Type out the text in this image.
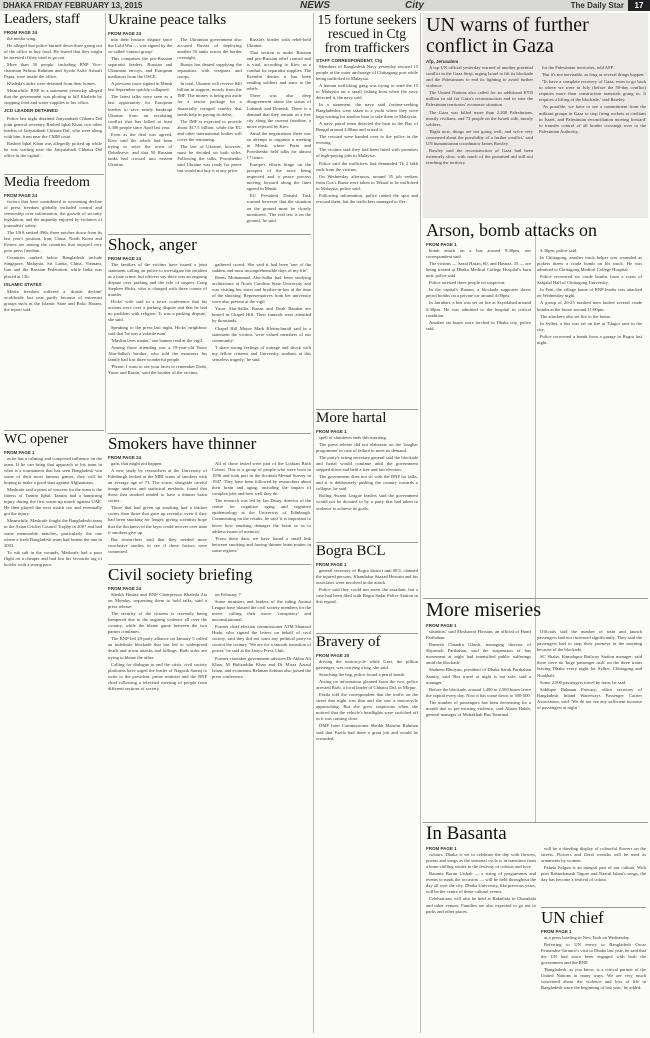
DHAKA FRIDAY FEBRUARY 13, 2015	NEWS	City	The Daily Star	17
Leaders, staff
FROM PAGE 24

the media wing.

He alleged that police burned down three going out of the office to buy food. He feared that they might be arrested if they tried to go out.

More than 50 people, including BNP Vice-chairman Selima Rahman and Syeda Asifa Ashrafi Papia, were inside the office.

Khaleda's aides were detained from their homes.

Meanwhile, BNP in a statement yesterday alleged that the government was plotting to kill Khaleda by stopping food and water supplies to her office.

JCD LEADER DETAINED

Police last night detained Jatiyatabadi Chhatra Dal joint general secretary Rashed Iqbal Khan, two other leaders of Jatiyatabadi Chhatra Dal, who were along with him, from near the CMM court.

Rashed Iqbal Khan was allegedly picked up while he was waiting near the Jatiyatabadi Chhatra Dal office in the capital.

Media freedom
FROM PAGE 24

factors that have contributed to worsening decline of press freedom globally included control and censorship over information, the growth of security legislation, and the impunity enjoyed by violators of journalists' safety.

The USA ranked 49th, three notches down from its last year's position, Iran, China, North Korea and Eritrea are among the countries that enjoyed very poor press freedom.

Countries ranked below Bangladesh include Singapore, Malaysia, Sri Lanka, China, Vietnam, Iran and the Russian Federation, while India was placed at 136.

ISLAMIC STATES

Media freedom suffered a 'drastic decline' worldwide last year partly because of extremist groups such as the Islamic State and Boko Haram, the report said.

WC opener
FROM PAGE 1

as he has a calming and composed influence on the team. If he can bring that approach to his team in what is a tournament that has seen Bangladesh win some of their most famous games, they will be hoping to make a good start against Afghanistan.

Mashrafe said a point of concern for the team is the fitness of Tamim Iqbal. Tamim had a hamstring injury during the first warm-up match against UAE. He then played the next match too and eventually got the injury.

Meanwhile, Mashrafe fought the Bangladeshi team in the Asian Cricket Council Trophy in 2007 and had some memorable matches, particularly the one where a fresh Bangladesh team had beaten the one in 2003.

To rub salt in the wounds, Mashrafe had a poor flight on a cheaper and had lost his favourite tag of bowler with a strong pace.

Ukraine peace talks
FROM PAGE 24

into their historic dispute since the Cold War — was signed by the so-called 'contact group'.

This comprises the pro-Russian separatist leaders, Russian and Ukrainian envoys, and European mediators from the OSCE.

A previous truce signed in Minsk last September quickly collapsed.

The latest talks were seen as a last opportunity for European leaders to save nearly bankrupt Ukraine from an escalating conflict that has killed at least 5,300 people since April last year.

Even as the deal was agreed, Kiev said the rebels had been trying to seize the town of Debaltseve, and that 50 Russian tanks had crossed into eastern Ukraine.

The Ukrainian government also accused Russia of deploying another 50 tanks across the border overnight.

Russia has denied supplying the separatists with weapons and troops.

In total, Ukraine will receive $40 billion in support, mostly from the IMF. The money is being put aside for a rescue package for a financially ravaged country that needs help in paying its debts.

The IMF is expected to provide about $17.5 billion, while the EU and other international bodies will cover the remaining.

The law of Ukraine, however, must be decided on both sides. Following the talks, Poroshenko said Ukraine was ready for peace but would not buy it at any price.

Russia's border with rebel-held Ukraine.

That section is under Russian and pro-Russian rebel control and is vital, according to Kiev, as a conduit for separatist supplies. The Kremlin denies it has been sending soldiers and arms to the rebels.

There was also deep disagreement about the status of Luhansk and Donetsk. There is a demand that they remain as a free city along the current frontline, a move rejected by Kiev.

Amid the negotiations there was an attempt to organise a meeting in Minsk, where Putin and Poroshenko held talks for almost 17 hours.

Europe's efforts hinge on the prospect of the truce being respected and a peace process moving forward along the lines agreed in Minsk.

EU President Donald Tusk warned however that the situation on the ground must be closely monitored. 'The real test is on the ground,' he said.

Shock, anger
FROM PAGE 24

The families of the victims have issued a joint statement calling on police to investigate the incident as a hate crime, but officers say there was an ongoing dispute over parking and the role of suspect Craig Stephen Hicks, who is charged with three counts of murder.

Hicks' wife said in a news conference that his actions were over a parking dispute and that he had no problem with religion. 'It was a parking dispute,' she said.

Speaking to the press last night, Hicks' neighbour said that 'he was a volatile man'.

'Muslim lives matter,' one banner read at the vigil.

Among those attending was a 19-year-old Yusor Abu-Salha's brother, who told the mourners his family had lost three wonderful people.

'Please, I want to see your faces to remember Deah, Yusor and Razan,' said the brother of the victims.

gathered crowd. She said it had been 'one of the saddest and most incomprehensible days of my life'.

Reem Mohammad Abu-Salha had been studying architecture at North Carolina State University and was visiting her sister and brother-in-law at the time of the shooting. Representatives from her university were also present at the vigil.

Yusor Abu-Salha, Razan and Deah Barakat are buried in Chapel Hill. Their funerals were attended by thousands.

Chapel Hill Mayor Mark Kleinschmidt said in a statement the victims 'were valued members of our community'.

'I share strong feelings of outrage and shock with my fellow citizens and University students at this senseless tragedy,' he said.

Smokers have thinner
FROM PAGE 24

gain, that might not happen.

A new study by researchers at the University of Edinburgh looked at the MRI scans of smokers with an average age of 73. The scans, alongside careful image analysis and statistical methods, found that those that smoked tended to have a thinner brain cortex.

Those that had given up smoking had a thicker cortex than those that gave up recently, even if they had been smoking for longer, giving scientists hope that the thickness of the layer could recover over time if smokers give up.

But researchers said that they needed more conclusive studies to see if these factors were connected.

All of those tested were part of the Lothian Birth Cohort. This is a group of people who were born in 1936 and took part in the Scottish Mental Survey in 1947. They have been followed by researchers about their brain and aging, including the impact of complex jobs and how well they do.

The research was led by Ian Deary, director of the centre for cognitive aging and cognitive epidemiology at the University of Edinburgh. Commenting on the results, he said 'it is important to know how smoking damages the brain so as to address issues of memory'.

'From these data, we have found a small link between smoking and having thinner brain matter in some regions.'

Civil society briefing
FROM PAGE 24

Sheikh Hasina and BNP Chairperson Khaleda Zia on Monday, requesting them to hold talks, said a press release.

The security of the citizens is currently being hampered due to the ongoing violence all over the country, while the blame game between the two parties continues.

The BNP-led 20-party alliance on January 5 called an indefinite blockade that has led to widespread death and arson attacks and killings. Both sides are trying to blame the other.

Calling for dialogue to end the crisis, civil society platforms have urged the leader of Nagorik Samaj to write to the president, prime minister and the BNP chief following a televised meeting of people from different sections of society.

on February 7.

Some ministers and leaders of the ruling Awami League have blasted the civil society members for the move, calling their move 'conspiracy' and unconstitutional.

Former chief election commissioner ATM Shamsul Huda, who signed the letters on behalf of civil society, said they did not want any political party to control the country. 'We are for a smooth transition of power,' he said at the Jatiyo Press Club.

Former caretaker government advisers Dr Akbar Ali Khan, M Hafizuddin Khan and Dr Mirza Azizul Islam, and economist Rehman Sobhan also joined the press conference.

15 fortune seekers rescued in Ctg from traffickers
STAFF CORRESPONDENT, Ctg

Members of Bangladesh Navy yesterday rescued 15 people at the outer anchorage of Chittagong port while being trafficked to Malaysia.

A human trafficking gang was trying to send the 15 to Malaysia on a small fishing boat when the navy detected it, the navy said.

In a statement, the navy said fortune-seeking Bangladeshis were taken to a yacht where they were kept waiting for another boat to take them to Malaysia.

A navy patrol team detected the boat in the Bay of Bengal around 2:00am and seized it.

The rescued were handed over to the police in the evening.

The victims said they had been lured with promises of high-paying jobs in Malaysia.

Police said the traffickers had demanded Tk 2 lakh each from the victims.

On Wednesday afternoon, around 35 job seekers from Cox's Bazar were taken to Teknaf to be trafficked to Malaysia, police said.

Following information, police raided the spot and rescued them, but the traffickers managed to flee.

More hartal
FROM PAGE 1

spell of shutdown ends this morning.

The press release did not elaborate on the 'tougher programme' in case of failure to meet its demand.

The party's acting secretary general said the blockade and hartal would continue until the government stepped down and held a free and fair election.

The government does not sit with the BNP for talks, and it is deliberately pushing the country towards a collapse, he said.

Ruling Awami League leaders said the government would not be dictated to by a party that had taken to violence to achieve its goals.

Bogra BCL
FROM PAGE 1

general secretary of Bogra district unit BCL claimed the injured persons, Khandakar Sazzad Hossain and his associates were involved in the attack.

Police said they could not arrest the assailant, but a case had been filed with Bogra Sadar Police Station in this regard.

Bravery of
FROM PAGE 20

driving the motorcycle while Gazi, the pillion passenger, was carrying a bag, she said.

Searching the bag, police found a petrol bomb.

Acting on information gleaned from the two, police arrested Bizli, a local leader of Chhatra Dal, in Mirpur.

Fazila told the correspondent that the traffic on the street that night was thin and she saw a motorcycle approaching. But she grew suspicious when she noticed that the vehicle's headlights were switched off as it was coming close.

DMP Joint Commissioner Sheikh Marufur Rahman said that Fazila had done a great job and would be rewarded.

UN warns of further conflict in Gaza
Afp, Jerusalem

A top UN official yesterday warned of another potential conflict in the Gaza Strip, urging Israel to lift its blockade and the Palestinians to end its fighting to avoid further violence.

The United Nations also called for an additional $705 million in aid for Gaza's reconstruction and to ease the Palestinian territories' economic situation.

The Gaza war killed more than 2,200 Palestinians, mostly civilians, and 73 people on the Israeli side, mostly soldiers.

'Right now, things are not going well, and we're very concerned about the possibility of a further conflict,' said UN humanitarian coordinator James Rawley.

Rawley said the reconstruction of Gaza had been extremely slow, with much of the promised aid still not reaching the territory.

for the Palestinian territories, told AFP.

'But it's not inevitable, as long as several things happen.'

'To have a complete recovery of Gaza, even to go back to where we were in July (before the 50-day conflict) requires more than construction materials going in. It requires a lifting of the blockade,' said Rawley.

'As possible, we have to see a commitment from the militant groups in Gaza to stop firing rockets at civilians in Israel, and Palestinian reconciliation moving forward' to transfer control of all border crossings over to the Palestinian Authority.

Arson, bomb attacks on
FROM PAGE 1

bomb attack on a bus around 9:30pm, our correspondent said.

The victims — Sazal Hasan, 60, and Hasnaz, 35 — are being treated at Dhaka Medical College Hospital's burn unit, police said.

Police arrested three people on suspicion.

In the capital's Banani, a blockade supporter threw petrol bombs on a private car around 4:00pm.

In Jatrabari, a bus was set on fire at Sayedabad around 6:30pm. He was admitted to the hospital in critical condition.

Another six buses were torched in Dhaka city, police said.

3:30pm, police said.

In Chittagong, another truck helper was wounded as pickets threw a crude bomb on his truck. He was admitted to Chittagong Medical College Hospital.

Police recovered six crude bombs from a room of Sahjalal Hall of Chittagong University.

In Feni, the village home of BNP leader was attacked on Wednesday night.

A group of 20-25 masked men hurled several crude bombs at the house around 11:00pm.

The attackers also set fire to the house.

In Sylhet, a bus was set on fire at Tilagor area in the city.

Police recovered a bomb from a garage in Bogra last night.

More miseries
FROM PAGE 1

situation,' said Mosharraf Hossain, an official of Hanif Paribahan.

Ramesh Chandra Ghosh, managing director of Shyamoli Paribahan, said the suspension of bus movement at night had intensified public sufferings amid the blockade.

Shaheen Bhuiyan, president of Dhaka Sarak Paribahan Samity, said 'Bus travel at night is not safe, said a manager.'

Before the blockade, around 1,400 to 2,500 buses leave the capital every day. Now it has come down to 300-500.

The number of passengers has been decreasing for a month due to pre-existing violence, said Ahsan Habib, general manager of Mohakhali Bus Terminal.

Officials said the number of train and launch passengers had not increased significantly. They said the passengers had to stop their journeys in the morning because of the blockade.

SC Shaha, Kamalapur Railway Station manager, said there were no 'huge passenger rush' on the three trains leaving Dhaka every night for Sylhet, Chittagong and Noakhali.

Some 2,500 passengers travel by train, he said.

Siddique Rahman Patwary, office secretary of Bangladesh Inland Waterways Passenger Carrier Association, said: 'We do not see any sufficient increase of passengers at night.'

In Basanta
FROM PAGE 1

colours. Dhaka is set to celebrate the day with flowers, poems and songs as the seasonal cycle is in transition from a bone-chilling winter to the festivity of colours and love.

Basanta Borun Utshab — a string of programmes and events to mark the occasion — will be held throughout the day all over the city. Dhaka University, like previous years, will be the centre of these cultural events.

Celebrations will also be held at Bakultala in Charukala and other venues. Families are also expected to go out to parks and other places.

will be a dazzling display of colourful flowers on the streets. Flowers and floral wreaths will be used as ornaments by women.

Pahela Falgun is an integral part of our culture. With poet Rabindranath Tagore and Nazrul Islam's songs, the day has become a festival of colour.

UN chief
FROM PAGE 1

at a press briefing in New York on Wednesday.

Referring to UN envoy to Bangladesh Oscar Fernandez-Taranco's visit to Dhaka last year, he said that the UN had since been engaged with both the government and the BNP.

'Bangladesh, as you know, is a critical partner of the United Nations in many ways. We are very much concerned about the violence and loss of life in Bangladesh since the beginning of last year,' he added.
